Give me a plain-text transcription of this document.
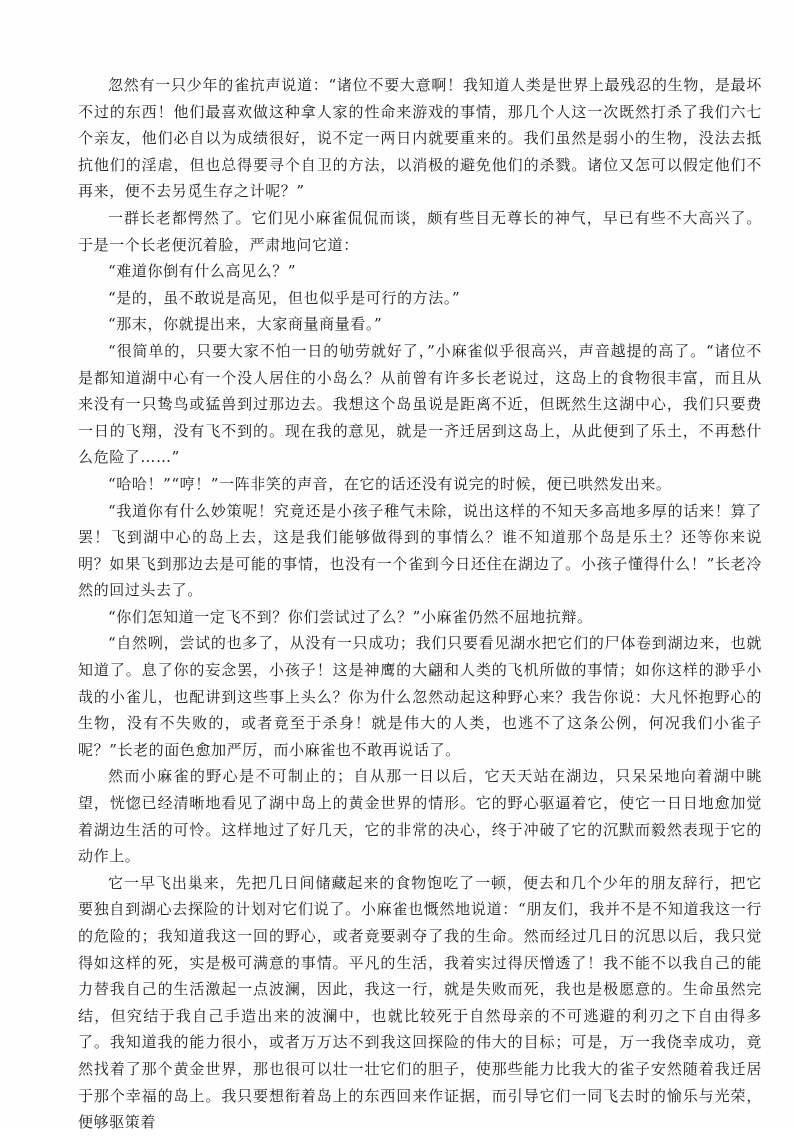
忽然有一只少年的雀抗声说道：“诸位不要大意啊！我知道人类是世界上最残忍的生物，是最坏不过的东西！他们最喜欢做这种拿人家的性命来游戏的事情，那几个人这一次既然打杀了我们六七个亲友，他们必自以为成绩很好，说不定一两日内就要重来的。我们虽然是弱小的生物，没法去抵抗他们的淫虐，但也总得要寻个自卫的方法，以消极的避免他们的杀戮。诸位又怎可以假定他们不再来，便不去另觅生存之计呢？”

一群长老都愕然了。它们见小麻雀侃侃而谈，颇有些目无尊长的神气，早已有些不大高兴了。于是一个长老便沉着脸，严肃地问它道：

“难道你倒有什么高见么？”

“是的，虽不敢说是高见，但也似乎是可行的方法。”

“那末，你就提出来，大家商量商量看。”

“很简单的，只要大家不怕一日的劬劳就好了，”小麻雀似乎很高兴，声音越提的高了。“诸位不是都知道湖中心有一个没人居住的小岛么？从前曾有许多长老说过，这岛上的食物很丰富，而且从来没有一只鸷鸟或猛兽到过那边去。我想这个岛虽说是距离不近，但既然生这湖中心，我们只要费一日的飞翔，没有飞不到的。现在我的意见，就是一齐迁居到这岛上，从此便到了乐土，不再愁什么危险了……”

“哈哈！”“哼！”一阵非笑的声音，在它的话还没有说完的时候，便已哄然发出来。

“我道你有什么妙策呢！究竟还是小孩子稚气未除，说出这样的不知天多高地多厚的话来！算了罢！飞到湖中心的岛上去，这是我们能够做得到的事情么？谁不知道那个岛是乐土？还等你来说明？如果飞到那边去是可能的事情，也没有一个雀到今日还住在湖边了。小孩子懂得什么！”长老冷然的回过头去了。

“你们怎知道一定飞不到？你们尝试过了么？”小麻雀仍然不屈地抗辩。

“自然咧，尝试的也多了，从没有一只成功；我们只要看见湖水把它们的尸体卷到湖边来，也就知道了。息了你的妄念罢，小孩子！这是神鹰的大翩和人类的飞机所做的事情；如你这样的渺乎小哉的小雀儿，也配讲到这些事上头么？你为什么忽然动起这种野心来？我告你说：大凡怀抱野心的生物，没有不失败的，或者竟至于杀身！就是伟大的人类，也逃不了这条公例，何况我们小雀子呢？”长老的面色愈加严厉，而小麻雀也不敢再说话了。

然而小麻雀的野心是不可制止的；自从那一日以后，它天天站在湖边，只呆呆地向着湖中眺望，恍惚已经清晰地看见了湖中岛上的黄金世界的情形。它的野心驱逼着它，使它一日日地愈加觉着湖边生活的可怜。这样地过了好几天，它的非常的决心，终于冲破了它的沉默而毅然表现于它的动作上。

它一早飞出巢来，先把几日间储藏起来的食物饱吃了一顿，便去和几个少年的朋友辞行，把它要独自到湖心去探险的计划对它们说了。小麻雀也慨然地说道：“朋友们，我并不是不知道我这一行的危险的；我知道我这一回的野心，或者竟要剥夺了我的生命。然而经过几日的沉思以后，我只觉得如这样的死，实是极可满意的事情。平凡的生活，我着实过得厌憎透了！我不能不以我自己的能力替我自己的生活激起一点波澜，因此，我这一行，就是失败而死，我也是极愿意的。生命虽然完结，但究结于我自己手造出来的波澜中，也就比较死于自然母亲的不可逃避的利刃之下自由得多了。我知道我的能力很小，或者万万达不到我这回探险的伟大的目标；可是，万一我侥幸成功，竟然找着了那个黄金世界，那也很可以壮一壮它们的胆子，使那些能力比我大的雀子安然随着我迁居于那个幸福的岛上。我只要想衔着岛上的东西回来作证据，而引导它们一同飞去时的愉乐与光荣，便够驱策着
